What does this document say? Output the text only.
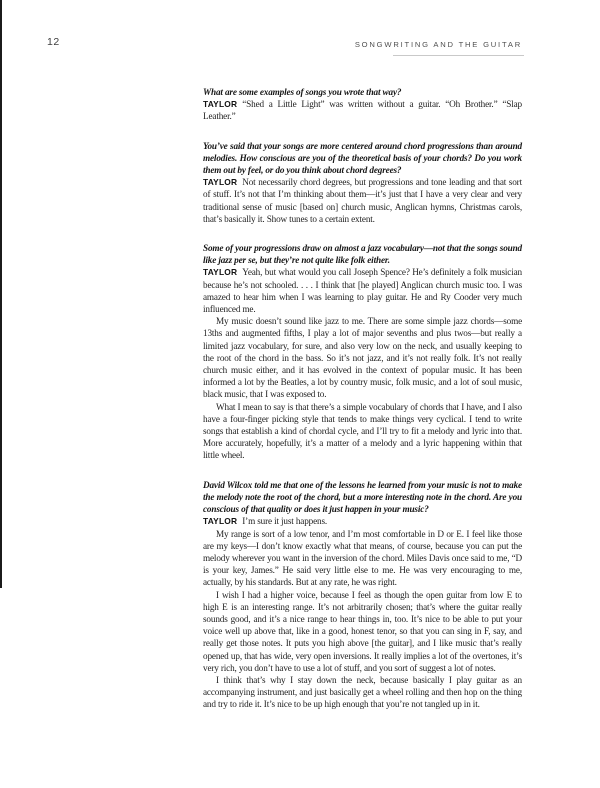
12	SONGWRITING AND THE GUITAR

What are some examples of songs you wrote that way?

TAYLOR “Shed a Little Light” was written without a guitar. “Oh Brother.” “Slap Leather.”

You’ve said that your songs are more centered around chord progressions than around melodies. How conscious are you of the theoretical basis of your chords? Do you work them out by feel, or do you think about chord degrees?

TAYLOR Not necessarily chord degrees, but progressions and tone leading and that sort of stuff. It’s not that I’m thinking about them—it’s just that I have a very clear and very traditional sense of music [based on] church music, Anglican hymns, Christmas carols, that’s basically it. Show tunes to a certain extent.

Some of your progressions draw on almost a jazz vocabulary—not that the songs sound like jazz per se, but they’re not quite like folk either.

TAYLOR Yeah, but what would you call Joseph Spence? He’s definitely a folk musician because he’s not schooled. . . . I think that [he played] Anglican church music too. I was amazed to hear him when I was learning to play guitar. He and Ry Cooder very much influenced me.

My music doesn’t sound like jazz to me. There are some simple jazz chords—some 13ths and augmented fifths, I play a lot of major sevenths and plus twos—but really a limited jazz vocabulary, for sure, and also very low on the neck, and usually keeping to the root of the chord in the bass. So it’s not jazz, and it’s not really folk. It’s not really church music either, and it has evolved in the context of popular music. It has been informed a lot by the Beatles, a lot by country music, folk music, and a lot of soul music, black music, that I was exposed to.

What I mean to say is that there’s a simple vocabulary of chords that I have, and I also have a four-finger picking style that tends to make things very cyclical. I tend to write songs that establish a kind of chordal cycle, and I’ll try to fit a melody and lyric into that. More accurately, hopefully, it’s a matter of a melody and a lyric happening within that little wheel.

David Wilcox told me that one of the lessons he learned from your music is not to make the melody note the root of the chord, but a more interesting note in the chord. Are you conscious of that quality or does it just happen in your music?

TAYLOR I’m sure it just happens.

My range is sort of a low tenor, and I’m most comfortable in D or E. I feel like those are my keys—I don’t know exactly what that means, of course, because you can put the melody wherever you want in the inversion of the chord. Miles Davis once said to me, “D is your key, James.” He said very little else to me. He was very encouraging to me, actually, by his standards. But at any rate, he was right.

I wish I had a higher voice, because I feel as though the open guitar from low E to high E is an interesting range. It’s not arbitrarily chosen; that’s where the guitar really sounds good, and it’s a nice range to hear things in, too. It’s nice to be able to put your voice well up above that, like in a good, honest tenor, so that you can sing in F, say, and really get those notes. It puts you high above [the guitar], and I like music that’s really opened up, that has wide, very open inversions. It really implies a lot of the overtones, it’s very rich, you don’t have to use a lot of stuff, and you sort of suggest a lot of notes.

I think that’s why I stay down the neck, because basically I play guitar as an accompanying instrument, and just basically get a wheel rolling and then hop on the thing and try to ride it. It’s nice to be up high enough that you’re not tangled up in it.
